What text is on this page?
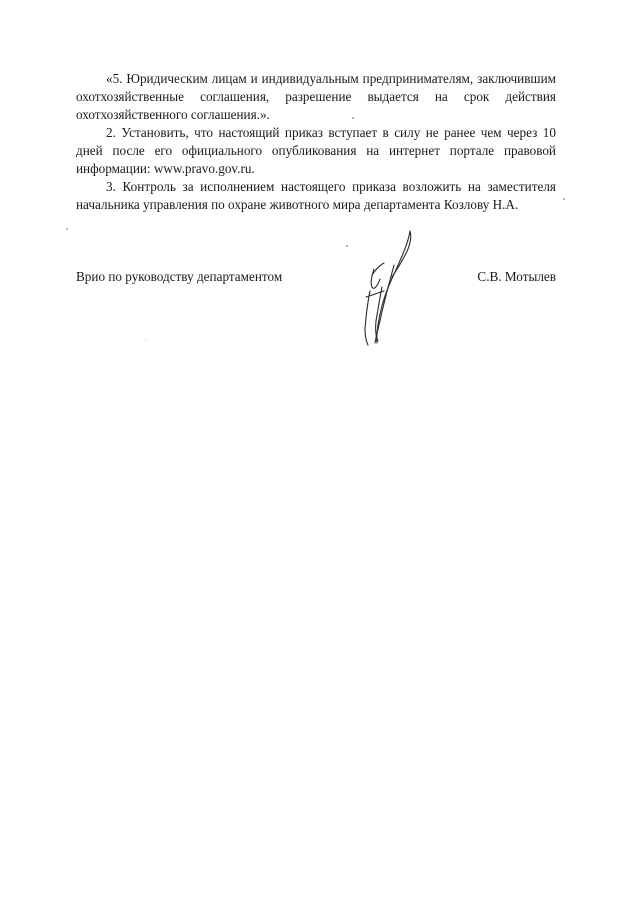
«5. Юридическим лицам и индивидуальным предпринимателям, заключившим охотхозяйственные соглашения, разрешение выдается на срок действия охотхозяйственного соглашения.».

2. Установить, что настоящий приказ вступает в силу не ранее чем через 10 дней после его официального опубликования на интернет портале правовой информации: www.pravo.gov.ru.

3. Контроль за исполнением настоящего приказа возложить на заместителя начальника управления по охране животного мира департамента Козлову Н.А.

Врио по руководству департаментом	С.В. Мотылев
